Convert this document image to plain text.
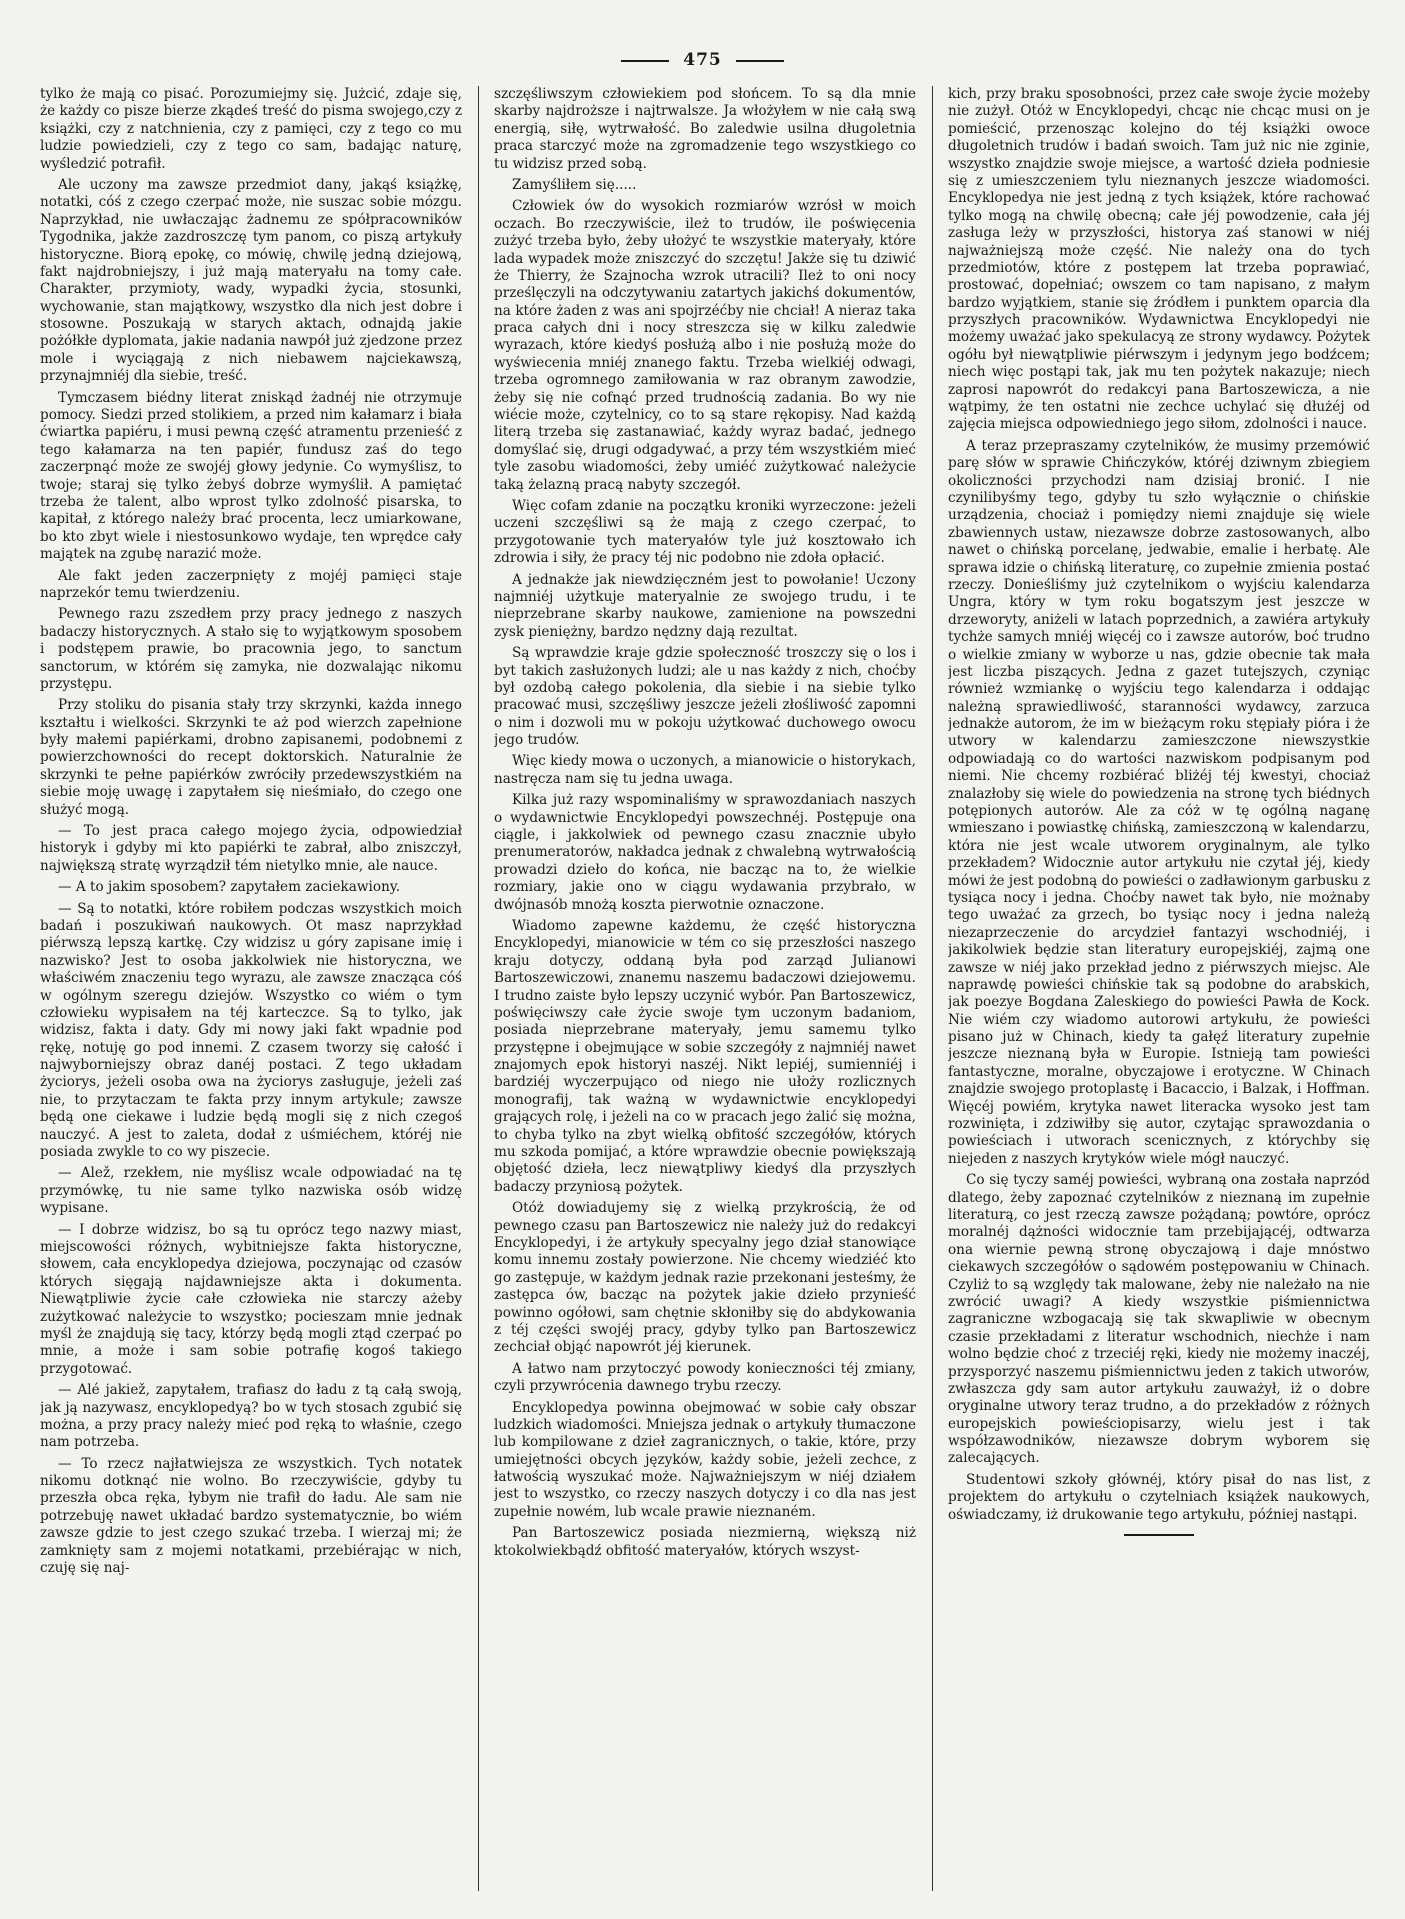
475

tylko że mają co pisać. Porozumiejmy się. Jużcić, zdaje się, że każdy co pisze bierze zkądeś treść do pisma swojego,czy z książki, czy z natchnienia, czy z pamięci, czy z tego co mu ludzie powiedzieli, czy z tego co sam, badając naturę, wyśledzić potrafił.

Ale uczony ma zawsze przedmiot dany, jakąś książkę, notatki, cóś z czego czerpać może, nie suszac sobie mózgu. Naprzykład, nie uwłaczając żadnemu ze spółpracowników Tygodnika, jakże zazdroszczę tym panom, co piszą artykuły historyczne. Biorą epokę, co mówię, chwilę jedną dziejową, fakt najdrobniejszy, i już mają materyału na tomy całe. Charakter, przymioty, wady, wypadki życia, stosunki, wychowanie, stan majątkowy, wszystko dla nich jest dobre i stosowne. Poszukają w starych aktach, odnajdą jakie pożółkłe dyplomata, jakie nadania nawpół już zjedzone przez mole i wyciągają z nich niebawem najciekawszą, przynajmniéj dla siebie, treść.

Tymczasem biédny literat zniskąd żadnéj nie otrzymuje pomocy. Siedzi przed stolikiem, a przed nim kałamarz i biała ćwiartka papiéru, i musi pewną część atramentu przenieść z tego kałamarza na ten papiér, fundusz zaś do tego zaczerpnąć może ze swojéj głowy jedynie. Co wymyślisz, to twoje; staraj się tylko żebyś dobrze wymyślił. A pamiętać trzeba że talent, albo wprost tylko zdolność pisarska, to kapitał, z którego należy brać procenta, lecz umiarkowane, bo kto zbyt wiele i niestosunkowo wydaje, ten wprędce cały majątek na zgubę narazić może.

Ale fakt jeden zaczerpnięty z mojéj pamięci staje naprzekór temu twierdzeniu.

Pewnego razu zszedłem przy pracy jednego z naszych badaczy historycznych. A stało się to wyjątkowym sposobem i podstępem prawie, bo pracownia jego, to sanctum sanctorum, w którém się zamyka, nie dozwalając nikomu przystępu.

Przy stoliku do pisania stały trzy skrzynki, każda innego kształtu i wielkości. Skrzynki te aż pod wierzch zapełnione były małemi papiérkami, drobno zapisanemi, podobnemi z powierzchowności do recept doktorskich. Naturalnie że skrzynki te pełne papiérków zwróciły przedewszystkiém na siebie moję uwagę i zapytałem się nieśmiało, do czego one służyć mogą.

— To jest praca całego mojego życia, odpowiedział historyk i gdyby mi kto papiérki te zabrał, albo zniszczył, największą stratę wyrządził tém nietylko mnie, ale nauce.

— A to jakim sposobem? zapytałem zaciekawiony.

— Są to notatki, które robiłem podczas wszystkich moich badań i poszukiwań naukowych. Ot masz naprzykład piérwszą lepszą kartkę. Czy widzisz u góry zapisane imię i nazwisko? Jest to osoba jakkolwiek nie historyczna, we właściwém znaczeniu tego wyrazu, ale zawsze znacząca cóś w ogólnym szeregu dziejów. Wszystko co wiém o tym człowieku wypisałem na téj karteczce. Są to tylko, jak widzisz, fakta i daty. Gdy mi nowy jaki fakt wpadnie pod rękę, notuję go pod innemi. Z czasem tworzy się całość i najwyborniejszy obraz danéj postaci. Z tego układam życiorys, jeżeli osoba owa na życiorys zasługuje, jeżeli zaś nie, to przytaczam te fakta przy innym artykule; zawsze będą one ciekawe i ludzie będą mogli się z nich czegoś nauczyć. A jest to zaleta, dodał z uśmiéchem, któréj nie posiada zwykle to co wy piszecie.

— Alež, rzekłem, nie myślisz wcale odpowiadać na tę przymówkę, tu nie same tylko nazwiska osób widzę wypisane.

— I dobrze widzisz, bo są tu oprócz tego nazwy miast, miejscowości różnych, wybitniejsze fakta historyczne, słowem, cała encyklopedya dziejowa, poczynając od czasów których sięgają najdawniejsze akta i dokumenta. Niewątpliwie życie całe człowieka nie starczy ażeby zużytkować należycie to wszystko; pocieszam mnie jednak myśl że znajdują się tacy, którzy będą mogli ztąd czerpać po mnie, a może i sam sobie potrafię kogoś takiego przygotować.

— Alé jakiež, zapytałem, trafiasz do ładu z tą całą swoją, jak ją nazywasz, encyklopedyą? bo w tych stosach zgubić się można, a przy pracy należy mieć pod ręką to właśnie, czego nam potrzeba.

— To rzecz najłatwiejsza ze wszystkich. Tych notatek nikomu dotknąć nie wolno. Bo rzeczywiście, gdyby tu przeszła obca ręka, łybym nie trafił do ładu. Ale sam nie potrzebuję nawet układać bardzo systematycznie, bo wiém zawsze gdzie to jest czego szukać trzeba. I wierzaj mi; że zamknięty sam z mojemi notatkami, przebiérając w nich, czuję się naj-

szczęśliwszym człowiekiem pod słońcem. To są dla mnie skarby najdroższe i najtrwalsze. Ja włożyłem w nie całą swą energią, siłę, wytrwałość. Bo zaledwie usilna długoletnia praca starczyć może na zgromadzenie tego wszystkiego co tu widzisz przed sobą.

Zamyśliłem się.....

Człowiek ów do wysokich rozmiarów wzrósł w moich oczach. Bo rzeczywiście, ileż to trudów, ile poświęcenia zużyć trzeba było, żeby ułożyć te wszystkie materyały, które lada wypadek może zniszczyć do szczętu! Jakże się tu dziwić że Thierry, że Szajnocha wzrok utracili? Ileż to oni nocy prześlęczyli na odczytywaniu zatartych jakichś dokumentów, na które żaden z was ani spojrzéćby nie chciał! A nieraz taka praca całych dni i nocy streszcza się w kilku zaledwie wyrazach, które kiedyś posłużą albo i nie posłużą może do wyświecenia mniéj znanego faktu. Trzeba wielkiéj odwagi, trzeba ogromnego zamiłowania w raz obranym zawodzie, żeby się nie cofnąć przed trudnością zadania. Bo wy nie wiécie może, czytelnicy, co to są stare rękopisy. Nad każdą literą trzeba się zastanawiać, każdy wyraz badać, jednego domyślać się, drugi odgadywać, a przy tém wszystkiém mieć tyle zasobu wiadomości, żeby umiéć zużytkować należycie taką żelazną pracą nabyty szczegół.

Więc cofam zdanie na początku kroniki wyrzeczone: jeżeli uczeni szczęśliwi są że mają z czego czerpać, to przygotowanie tych materyałów tyle już kosztowało ich zdrowia i siły, że pracy téj nic podobno nie zdoła opłacić.

A jednakże jak niewdzięczném jest to powołanie! Uczony najmniéj użytkuje materyalnie ze swojego trudu, i te nieprzebrane skarby naukowe, zamienione na powszedni zysk pieniężny, bardzo nędzny dają rezultat.

Są wprawdzie kraje gdzie społeczność troszczy się o los i byt takich zasłużonych ludzi; ale u nas każdy z nich, choćby był ozdobą całego pokolenia, dla siebie i na siebie tylko pracować musi, szczęśliwy jeszcze jeżeli złośliwość zapomni o nim i dozwoli mu w pokoju użytkować duchowego owocu jego trudów.

Więc kiedy mowa o uczonych, a mianowicie o historykach, nastręcza nam się tu jedna uwaga.

Kilka już razy wspominaliśmy w sprawozdaniach naszych o wydawnictwie Encyklopedyi powszechnéj. Postępuje ona ciągle, i jakkolwiek od pewnego czasu znacznie ubyło prenumeratorów, nakładca jednak z chwalebną wytrwałością prowadzi dzieło do końca, nie bacząc na to, że wielkie rozmiary, jakie ono w ciągu wydawania przybrało, w dwójnasób mnożą koszta pierwotnie oznaczone.

Wiadomo zapewne każdemu, że część historyczna Encyklopedyi, mianowicie w tém co się przeszłości naszego kraju dotyczy, oddaną była pod zarząd Julianowi Bartoszewiczowi, znanemu naszemu badaczowi dziejowemu. I trudno zaiste było lepszy uczynić wybór. Pan Bartoszewicz, poświęciwszy całe życie swoje tym uczonym badaniom, posiada nieprzebrane materyały, jemu samemu tylko przystępne i obejmujące w sobie szczegóły z najmniéj nawet znajomych epok historyi naszéj. Nikt lepiéj, sumienniéj i bardziéj wyczerpująco od niego nie ułoży rozlicznych monografij, tak ważną w wydawnictwie encyklopedyi grających rolę, i jeżeli na co w pracach jego żalić się można, to chyba tylko na zbyt wielką obfitość szczegółów, których mu szkoda pomijać, a które wprawdzie obecnie powiększają objętość dzieła, lecz niewątpliwy kiedyś dla przyszłych badaczy przyniosą pożytek.

Otóż dowiadujemy się z wielką przykrością, że od pewnego czasu pan Bartoszewicz nie należy już do redakcyi Encyklopedyi, i że artykuły specyalny jego dział stanowiące komu innemu zostały powierzone. Nie chcemy wiedziéć kto go zastępuje, w każdym jednak razie przekonani jesteśmy, że zastępca ów, bacząc na pożytek jakie dzieło przynieść powinno ogółowi, sam chętnie skłoniłby się do abdykowania z téj części swojéj pracy, gdyby tylko pan Bartoszewicz zechciał objąć napowrót jéj kierunek.

A łatwo nam przytoczyć powody konieczności téj zmiany, czyli przywrócenia dawnego trybu rzeczy.

Encyklopedya powinna obejmować w sobie cały obszar ludzkich wiadomości. Mniejsza jednak o artykuły tłumaczone lub kompilowane z dzieł zagranicznych, o takie, które, przy umiejętności obcych języków, każdy sobie, jeżeli zechce, z łatwością wyszukać może. Najważniejszym w niéj działem jest to wszystko, co rzeczy naszych dotyczy i co dla nas jest zupełnie nowém, lub wcale prawie nieznaném.

Pan Bartoszewicz posiada niezmierną, większą niż ktokolwiekbądź obfitość materyałów, których wszyst-

kich, przy braku sposobności, przez całe swoje życie możeby nie zużył. Otóż w Encyklopedyi, chcąc nie chcąc musi on je pomieścić, przenosząc kolejno do téj książki owoce długoletnich trudów i badań swoich. Tam już nic nie zginie, wszystko znajdzie swoje miejsce, a wartość dzieła podniesie się z umieszczeniem tylu nieznanych jeszcze wiadomości. Encyklopedya nie jest jedną z tych książek, które rachować tylko mogą na chwilę obecną; całe jéj powodzenie, cała jéj zasługa leży w przyszłości, historya zaś stanowi w niéj najważniejszą może część. Nie należy ona do tych przedmiotów, które z postępem lat trzeba poprawiać, prostować, dopełniać; owszem co tam napisano, z małym bardzo wyjątkiem, stanie się źródłem i punktem oparcia dla przyszłych pracowników. Wydawnictwa Encyklopedyi nie możemy uważać jako spekulacyą ze strony wydawcy. Pożytek ogółu był niewątpliwie piérwszym i jedynym jego bodźcem; niech więc postąpi tak, jak mu ten pożytek nakazuje; niech zaprosi napowrót do redakcyi pana Bartoszewicza, a nie wątpimy, że ten ostatni nie zechce uchylać się dłużéj od zajęcia miejsca odpowiedniego jego siłom, zdolności i nauce.

A teraz przepraszamy czytelników, że musimy przemówić parę słów w sprawie Chińczyków, któréj dziwnym zbiegiem okoliczności przychodzi nam dzisiaj bronić. I nie czynilibyśmy tego, gdyby tu szło wyłącznie o chińskie urządzenia, chociaż i pomiędzy niemi znajduje się wiele zbawiennych ustaw, niezawsze dobrze zastosowanych, albo nawet o chińską porcelanę, jedwabie, emalie i herbatę. Ale sprawa idzie o chińską literaturę, co zupełnie zmienia postać rzeczy. Donieśliśmy już czytelnikom o wyjściu kalendarza Ungra, który w tym roku bogatszym jest jeszcze w drzeworyty, aniżeli w latach poprzednich, a zawiéra artykuły tychże samych mniéj więcéj co i zawsze autorów, boć trudno o wielkie zmiany w wyborze u nas, gdzie obecnie tak mała jest liczba piszących. Jedna z gazet tutejszych, czyniąc również wzmiankę o wyjściu tego kalendarza i oddając należną sprawiedliwość, staranności wydawcy, zarzuca jednakże autorom, że im w bieżącym roku stępiały pióra i że utwory w kalendarzu zamieszczone niewszystkie odpowiadają co do wartości nazwiskom podpisanym pod niemi. Nie chcemy rozbiérać bliżéj téj kwestyi, chociaż znalazłoby się wiele do powiedzenia na stronę tych biédnych potępionych autorów. Ale za cóż w tę ogólną naganę wmieszano i powiastkę chińską, zamieszczoną w kalendarzu, która nie jest wcale utworem oryginalnym, ale tylko przekładem? Widocznie autor artykułu nie czytał jéj, kiedy mówi że jest podobną do powieści o zadławionym garbusku z tysiąca nocy i jedna. Choćby nawet tak było, nie możnaby tego uważać za grzech, bo tysiąc nocy i jedna należą niezaprzeczenie do arcydzieł fantazyi wschodniéj, i jakikolwiek będzie stan literatury europejskiéj, zajmą one zawsze w niéj jako przekład jedno z piérwszych miejsc. Ale naprawdę powieści chińskie tak są podobne do arabskich, jak poezye Bogdana Zaleskiego do powieści Pawła de Kock. Nie wiém czy wiadomo autorowi artykułu, że powieści pisano już w Chinach, kiedy ta gałęź literatury zupełnie jeszcze nieznaną była w Europie. Istnieją tam powieści fantastyczne, moralne, obyczajowe i erotyczne. W Chinach znajdzie swojego protoplastę i Bacaccio, i Balzak, i Hoffman. Więcéj powiém, krytyka nawet literacka wysoko jest tam rozwinięta, i zdziwiłby się autor, czytając sprawozdania o powieściach i utworach scenicznych, z którychby się niejeden z naszych krytyków wiele mógł nauczyć.

Co się tyczy saméj powieści, wybraną ona została naprzód dlatego, żeby zapoznać czytelników z nieznaną im zupełnie literaturą, co jest rzeczą zawsze pożądaną; powtóre, oprócz moralnéj dążności widocznie tam przebijającéj, odtwarza ona wiernie pewną stronę obyczajową i daje mnóstwo ciekawych szczegółów o sądowém postępowaniu w Chinach. Czyliż to są względy tak malowane, żeby nie należało na nie zwrócić uwagi? A kiedy wszystkie piśmiennictwa zagraniczne wzbogacają się tak skwapliwie w obecnym czasie przekładami z literatur wschodnich, niechże i nam wolno będzie choć z trzeciéj ręki, kiedy nie możemy inaczéj, przysporzyć naszemu piśmiennictwu jeden z takich utworów, zwłaszcza gdy sam autor artykułu zauważył, iż o dobre oryginalne utwory teraz trudno, a do przekładów z różnych europejskich powieściopisarzy, wielu jest i tak współzawodników, niezawsze dobrym wyborem się zalecających.

Studentowi szkoły głównéj, który pisał do nas list, z projektem do artykułu o czytelniach książek naukowych, oświadczamy, iż drukowanie tego artykułu, później nastąpi.
